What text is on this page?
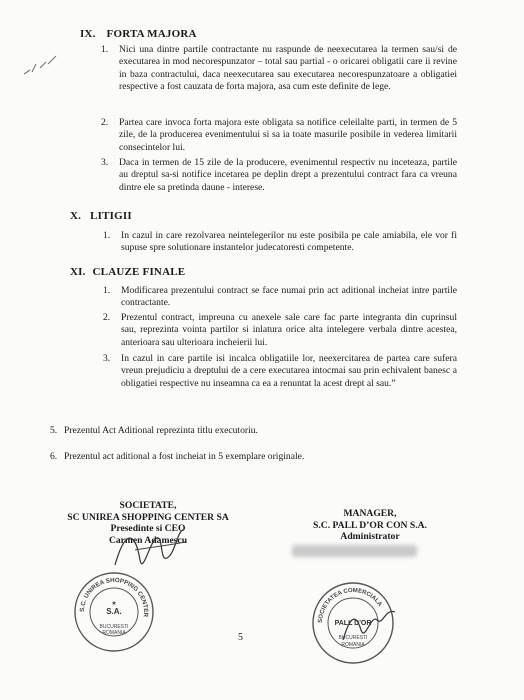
IX. FORTA MAJORA
1. Nici una dintre partile contractante nu raspunde de neexecutarea la termen sau/si de executarea in mod necorespunzator – total sau partial - o oricarei obligatii care ii revine in baza contractului, daca neexecutarea sau executarea necorespunzatoare a obligatiei respective a fost cauzata de forta majora, asa cum este definite de lege.
2. Partea care invoca forta majora este obligata sa notifice celeilalte parti, in termen de 5 zile, de la producerea evenimentului si sa ia toate masurile posibile in vederea limitarii consecintelor lui.
3. Daca in termen de 15 zile de la producere, evenimentul respectiv nu inceteaza, partile au dreptul sa-si notifice incetarea pe deplin drept a prezentului contract fara ca vreuna dintre ele sa pretinda daune - interese.
X. LITIGII
1. In cazul in care rezolvarea neintelegerilor nu este posibila pe cale amiabila, ele vor fi supuse spre solutionare instantelor judecatoresti competente.
XI. CLAUZE FINALE
1. Modificarea prezentului contract se face numai prin act aditional incheiat intre partile contractante.
2. Prezentul contract, impreuna cu anexele sale care fac parte integranta din cuprinsul sau, reprezinta vointa partilor si inlatura orice alta intelegere verbala dintre acestea, anterioara sau ulterioara incheierii lui.
3. In cazul in care partile isi incalca obligatiile lor, neexercitarea de partea care sufera vreun prejudiciu a dreptului de a cere executarea intocmai sau prin echivalent banesc a obligatiei respective nu inseamna ca ea a renuntat la acest drept al sau.”
5. Prezentul Act Aditional reprezinta titlu executoriu.
6. Prezentul act aditional a fost incheiat in 5 exemplare originale.
SOCIETATE,
SC UNIREA SHOPPING CENTER SA
Presedinte si CEO
Carmen Adamescu
S.C. UNIREA SHOPPING CENTER
S.A.
BUCURESTI
ROMANIA
★
MANAGER,
S.C. PALL D’OR CON S.A.
Administrator
SOCIETATEA COMERCIALA
PALL D'OR
BUCURESTI
ROMANIA
5
